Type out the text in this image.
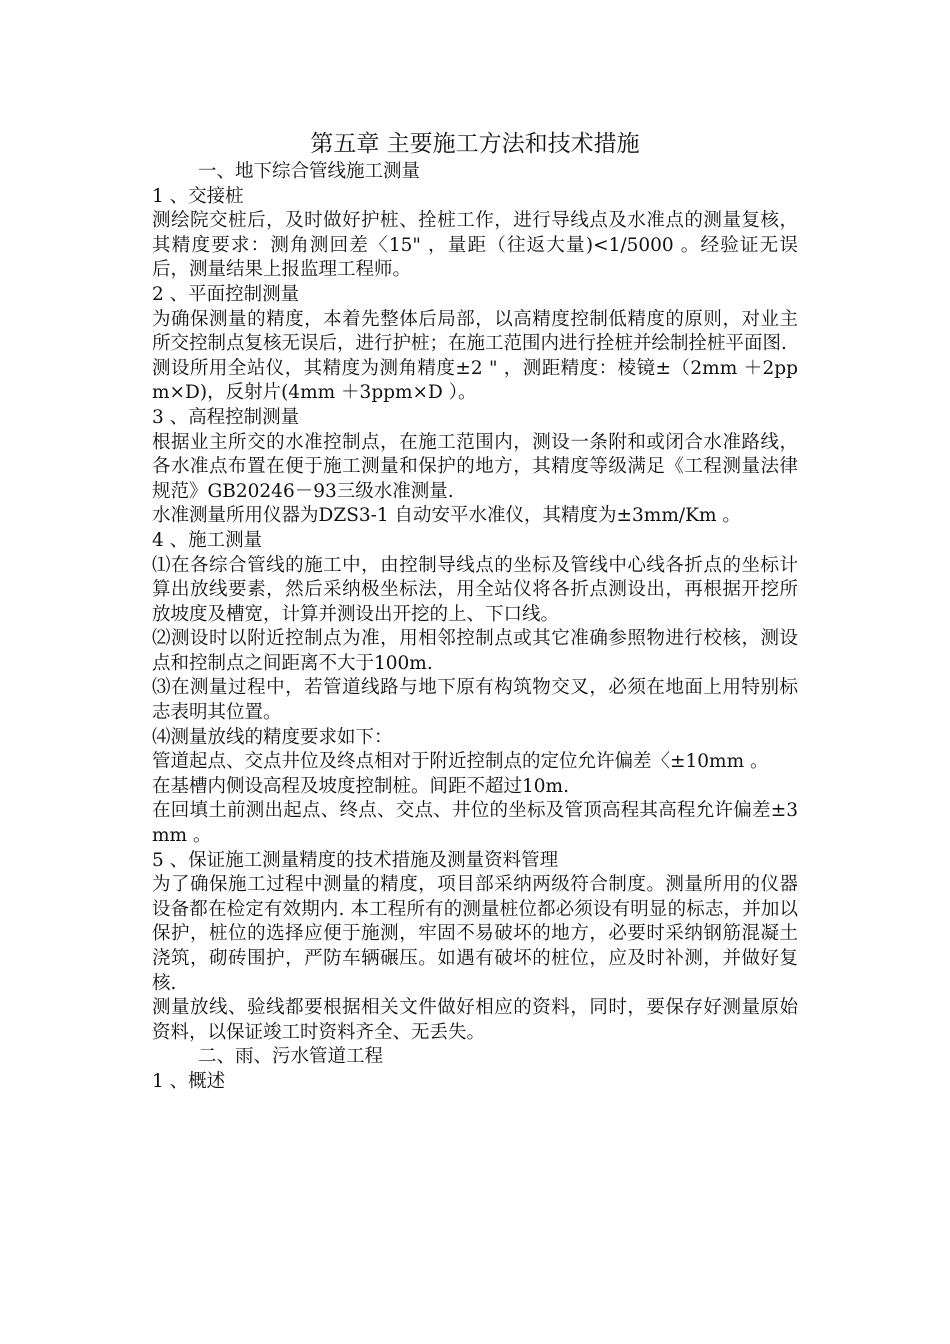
第五章 主要施工方法和技术措施

一、地下综合管线施工测量

1 、交接桩

测绘院交桩后，及时做好护桩、拴桩工作，进行导线点及水准点的测量复核，其精度要求：测角测回差〈15" ，量距（往返大量)<1/5000 。经验证无误后，测量结果上报监理工程师。

2 、平面控制测量

为确保测量的精度，本着先整体后局部，以高精度控制低精度的原则，对业主所交控制点复核无误后，进行护桩；在施工范围内进行拴桩并绘制拴桩平面图.

测设所用全站仪，其精度为测角精度±2 " ，测距精度：棱镜±（2mm ＋2ppm×D)，反射片(4mm ＋3ppm×D ）。

3 、高程控制测量

根据业主所交的水准控制点，在施工范围内，测设一条附和或闭合水准路线，各水准点布置在便于施工测量和保护的地方，其精度等级满足《工程测量法律规范》GB20246－93三级水准测量.

水准测量所用仪器为DZS3-1 自动安平水准仪，其精度为±3mm/Km 。

4 、施工测量

⑴在各综合管线的施工中，由控制导线点的坐标及管线中心线各折点的坐标计算出放线要素，然后采纳极坐标法，用全站仪将各折点测设出，再根据开挖所放坡度及槽宽，计算并测设出开挖的上、下口线。

⑵测设时以附近控制点为准，用相邻控制点或其它准确参照物进行校核，测设点和控制点之间距离不大于100m.

⑶在测量过程中，若管道线路与地下原有构筑物交叉，必须在地面上用特别标志表明其位置。

⑷测量放线的精度要求如下：

管道起点、交点井位及终点相对于附近控制点的定位允许偏差〈±10mm 。

在基槽内侧设高程及坡度控制桩。间距不超过10m.

在回填土前测出起点、终点、交点、井位的坐标及管顶高程其高程允许偏差±3mm 。

5 、保证施工测量精度的技术措施及测量资料管理

为了确保施工过程中测量的精度，项目部采纳两级符合制度。测量所用的仪器设备都在检定有效期内. 本工程所有的测量桩位都必须设有明显的标志，并加以保护，桩位的选择应便于施测，牢固不易破坏的地方，必要时采纳钢筋混凝土浇筑，砌砖围护，严防车辆碾压。如遇有破坏的桩位，应及时补测，并做好复核.

测量放线、验线都要根据相关文件做好相应的资料，同时，要保存好测量原始资料，以保证竣工时资料齐全、无丢失。

二、雨、污水管道工程

1 、概述
